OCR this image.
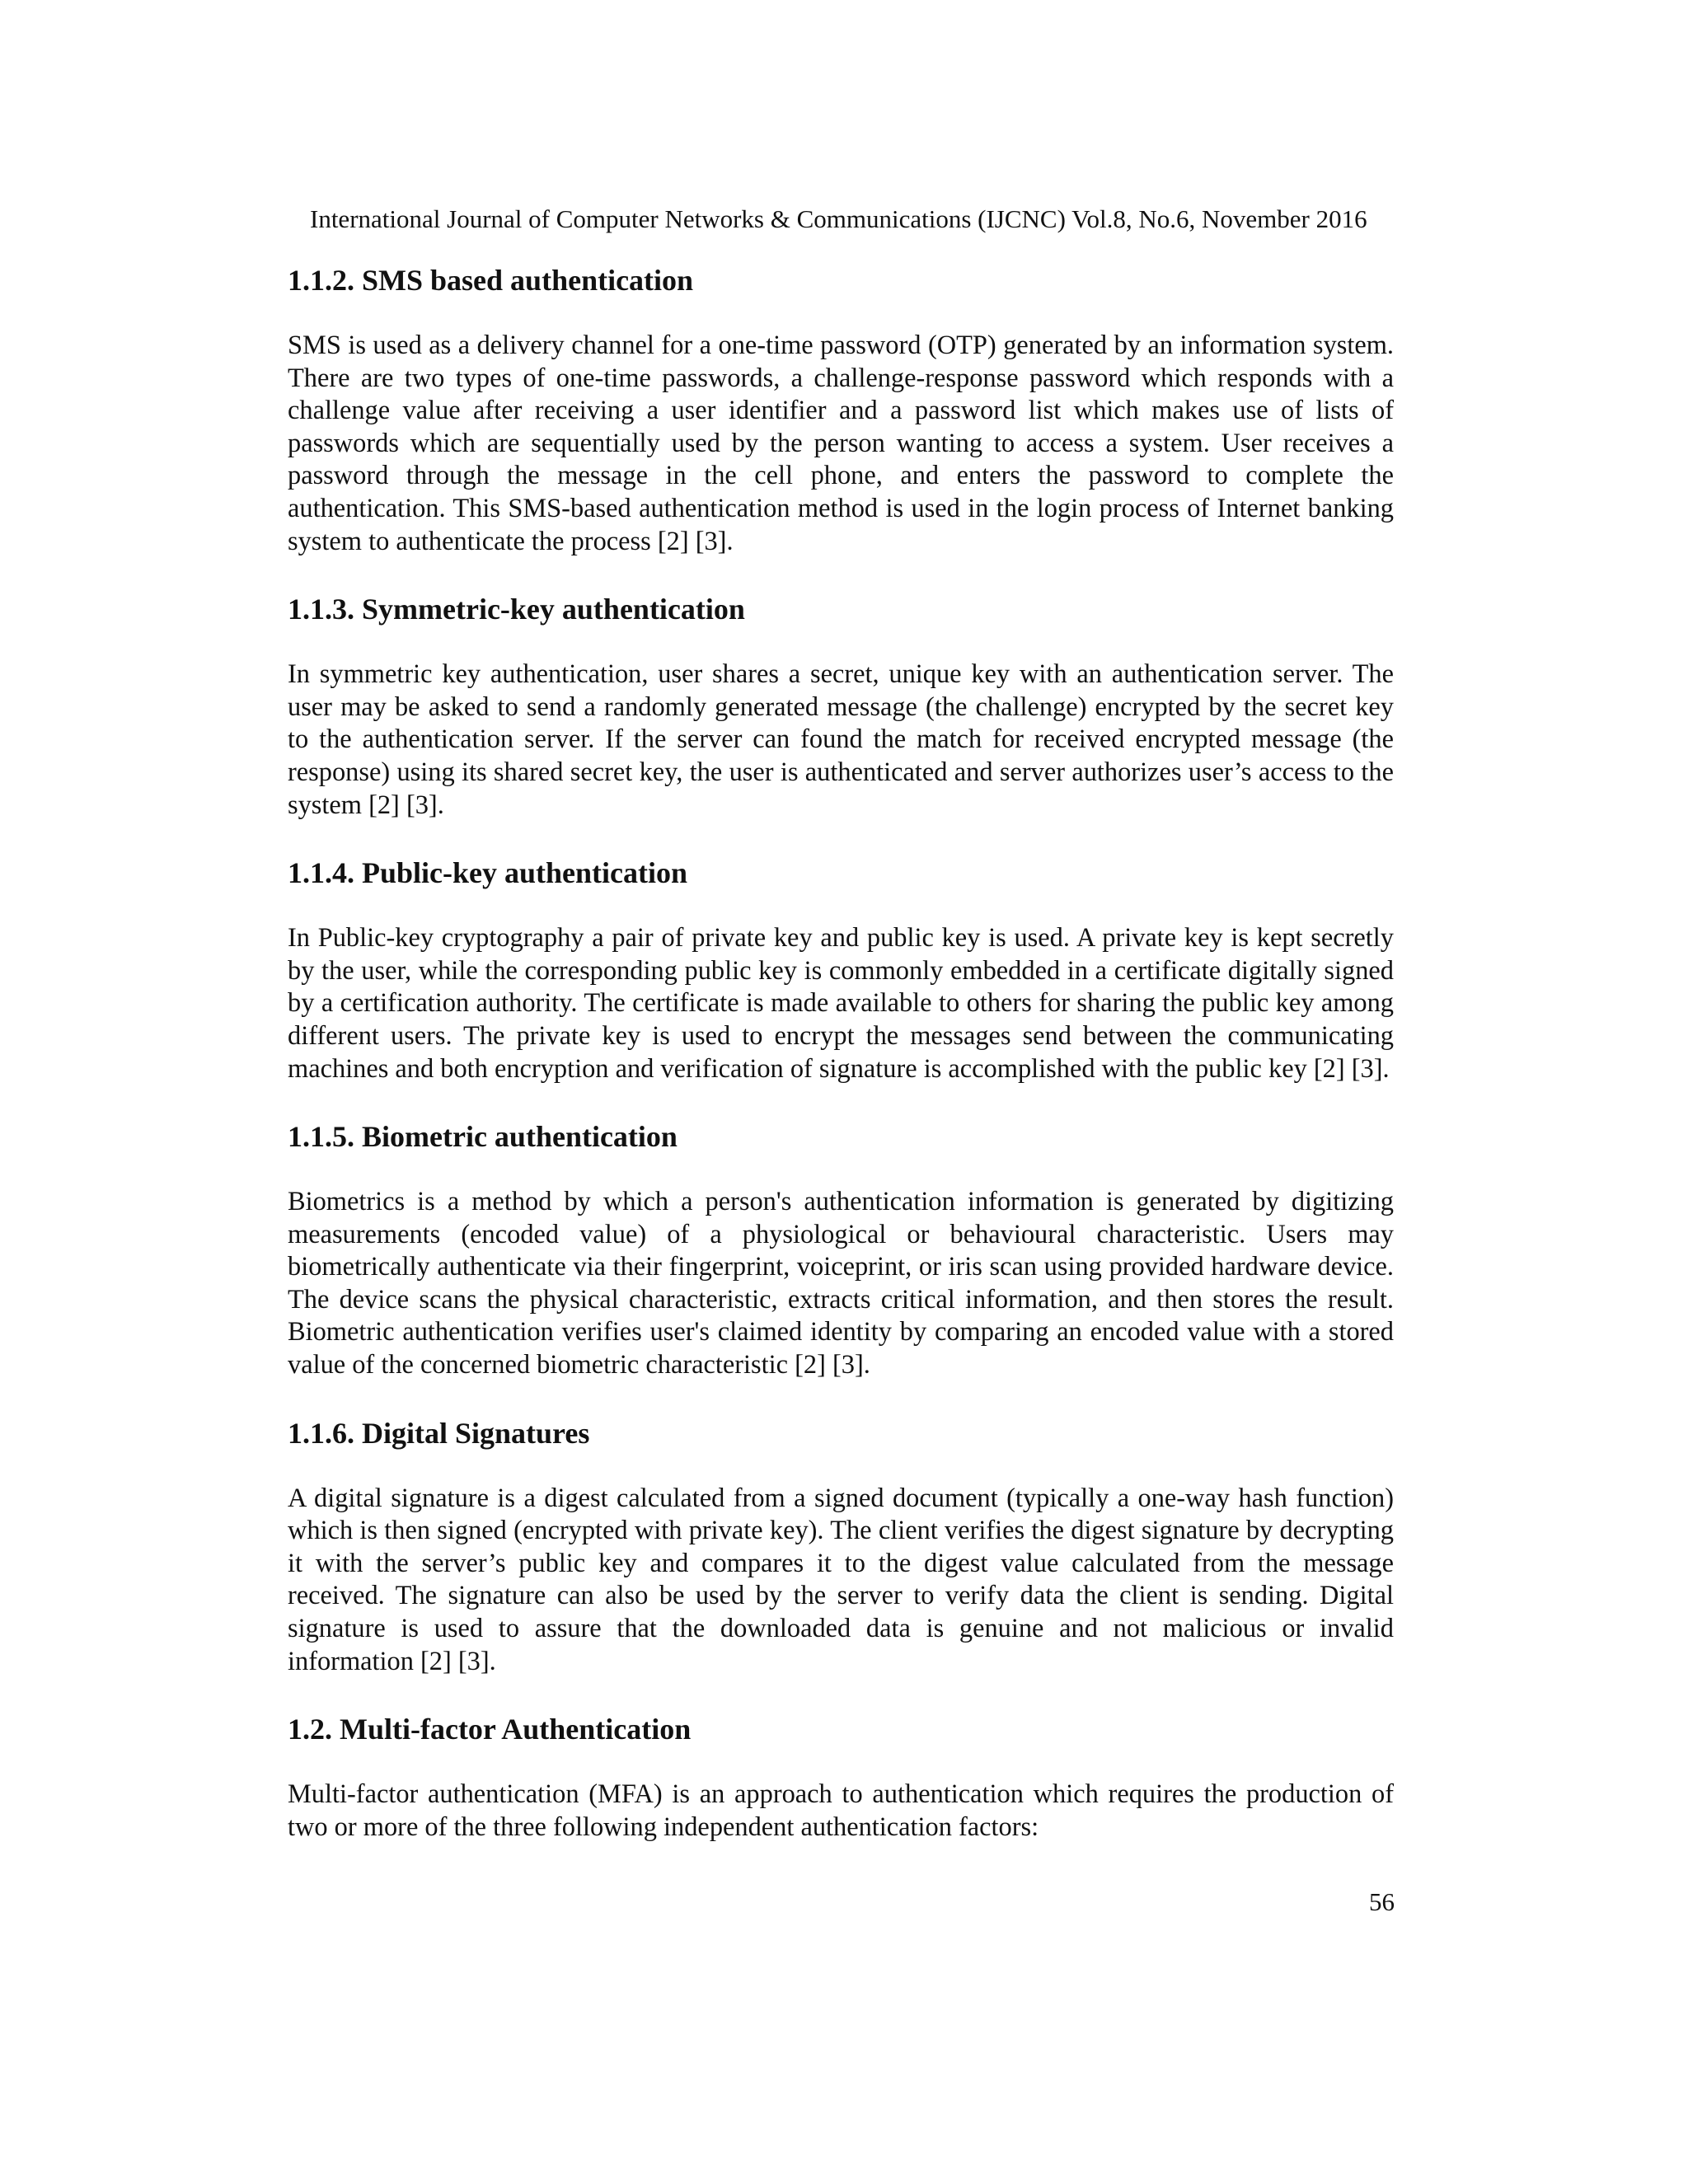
International Journal of Computer Networks & Communications (IJCNC) Vol.8, No.6, November 2016
1.1.2. SMS based authentication

SMS is used as a delivery channel for a one-time password (OTP) generated by an information system. There are two types of one-time passwords, a challenge-response password which responds with a challenge value after receiving a user identifier and a password list which makes use of lists of passwords which are sequentially used by the person wanting to access a system. User receives a password through the message in the cell phone, and enters the password to complete the authentication. This SMS-based authentication method is used in the login process of Internet banking system to authenticate the process [2] [3].

1.1.3. Symmetric-key authentication

In symmetric key authentication, user shares a secret, unique key with an authentication server. The user may be asked to send a randomly generated message (the challenge) encrypted by the secret key to the authentication server. If the server can found the match for received encrypted message (the response) using its shared secret key, the user is authenticated and server authorizes user’s access to the system [2] [3].

1.1.4. Public-key authentication

In Public-key cryptography a pair of private key and public key is used. A private key is kept secretly by the user, while the corresponding public key is commonly embedded in a certificate digitally signed by a certification authority. The certificate is made available to others for sharing the public key among different users. The private key is used to encrypt the messages send between the communicating machines and both encryption and verification of signature is accomplished with the public key [2] [3].

1.1.5. Biometric authentication

Biometrics is a method by which a person's authentication information is generated by digitizing measurements (encoded value) of a physiological or behavioural characteristic. Users may biometrically authenticate via their fingerprint, voiceprint, or iris scan using provided hardware device. The device scans the physical characteristic, extracts critical information, and then stores the result. Biometric authentication verifies user's claimed identity by comparing an encoded value with a stored value of the concerned biometric characteristic [2] [3].

1.1.6. Digital Signatures

A digital signature is a digest calculated from a signed document (typically a one-way hash function) which is then signed (encrypted with private key). The client verifies the digest signature by decrypting it with the server’s public key and compares it to the digest value calculated from the message received. The signature can also be used by the server to verify data the client is sending. Digital signature is used to assure that the downloaded data is genuine and not malicious or invalid information [2] [3].

1.2. Multi-factor Authentication

Multi-factor authentication (MFA) is an approach to authentication which requires the production of two or more of the three following independent authentication factors:

56
